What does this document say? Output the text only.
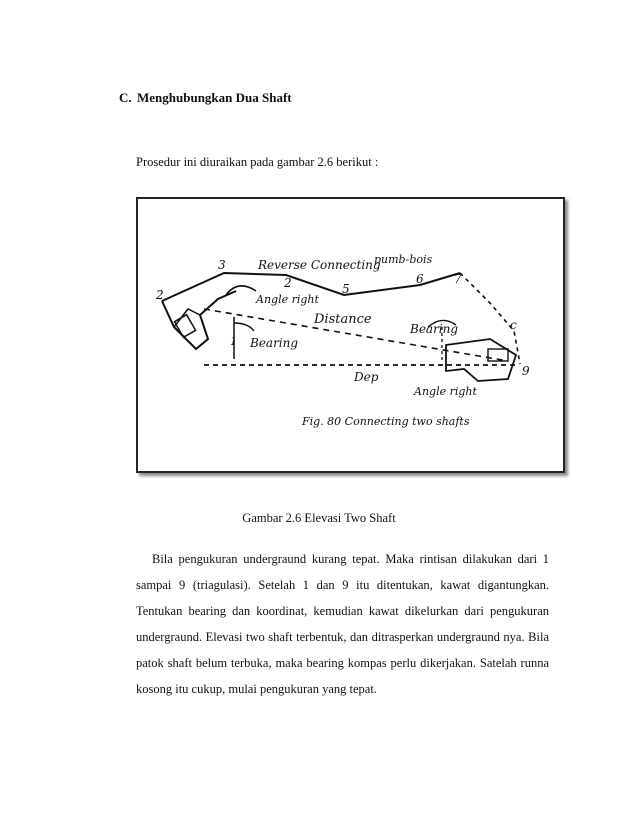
C. Menghubungkan Dua Shaft
Prosedur ini diuraikan pada gambar 2.6 berikut :
Reverse Connecting
pumb-bois
Angle right
Distance
Bearing
Bearing
Dep
Angle right
Fig. 80 Connecting two shafts
2
3
2	5
6	7
c
9
1
Gambar 2.6 Elevasi Two Shaft

Bila pengukuran undergraund kurang tepat. Maka rintisan dilakukan dari 1 sampai 9 (triagulasi). Setelah 1 dan 9 itu ditentukan, kawat digantungkan. Tentukan bearing dan koordinat, kemudian kawat dikelurkan dari pengukuran undergraund. Elevasi two shaft terbentuk, dan ditrasperkan undergraund nya. Bila patok shaft belum terbuka, maka bearing kompas perlu dikerjakan. Satelah runna kosong itu cukup, mulai pengukuran yang tepat.
